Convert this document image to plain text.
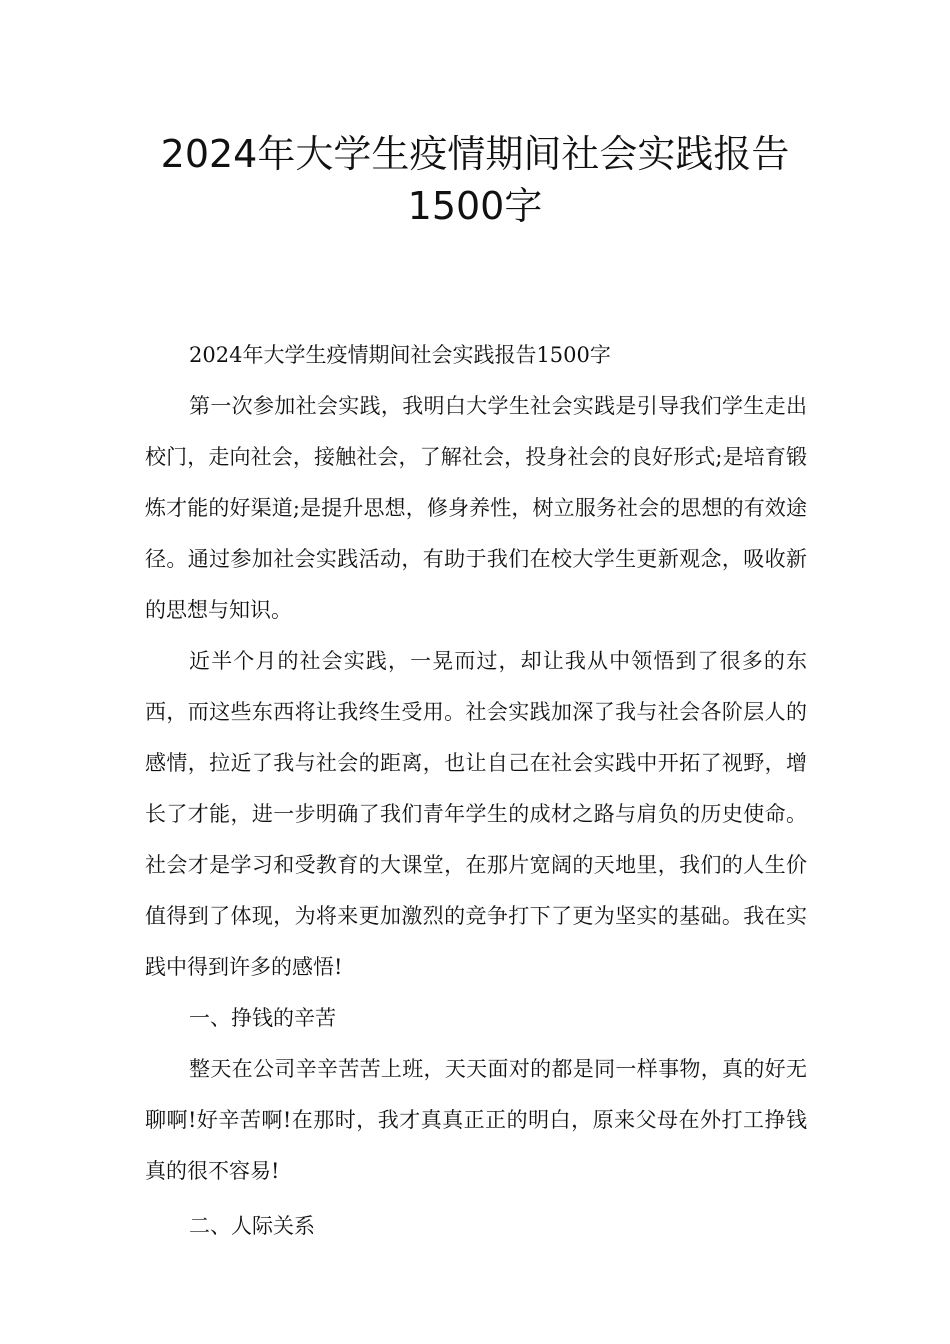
2024年大学生疫情期间社会实践报告
1500字

2024年大学生疫情期间社会实践报告1500字

第一次参加社会实践，我明白大学生社会实践是引导我们学生走出校门，走向社会，接触社会，了解社会，投身社会的良好形式;是培育锻炼才能的好渠道;是提升思想，修身养性，树立服务社会的思想的有效途径。通过参加社会实践活动，有助于我们在校大学生更新观念，吸收新的思想与知识。

近半个月的社会实践，一晃而过，却让我从中领悟到了很多的东西，而这些东西将让我终生受用。社会实践加深了我与社会各阶层人的感情，拉近了我与社会的距离，也让自己在社会实践中开拓了视野，增长了才能，进一步明确了我们青年学生的成材之路与肩负的历史使命。社会才是学习和受教育的大课堂，在那片宽阔的天地里，我们的人生价值得到了体现，为将来更加激烈的竞争打下了更为坚实的基础。我在实践中得到许多的感悟!

一、挣钱的辛苦

整天在公司辛辛苦苦上班，天天面对的都是同一样事物，真的好无聊啊!好辛苦啊!在那时，我才真真正正的明白，原来父母在外打工挣钱真的很不容易!

二、人际关系
